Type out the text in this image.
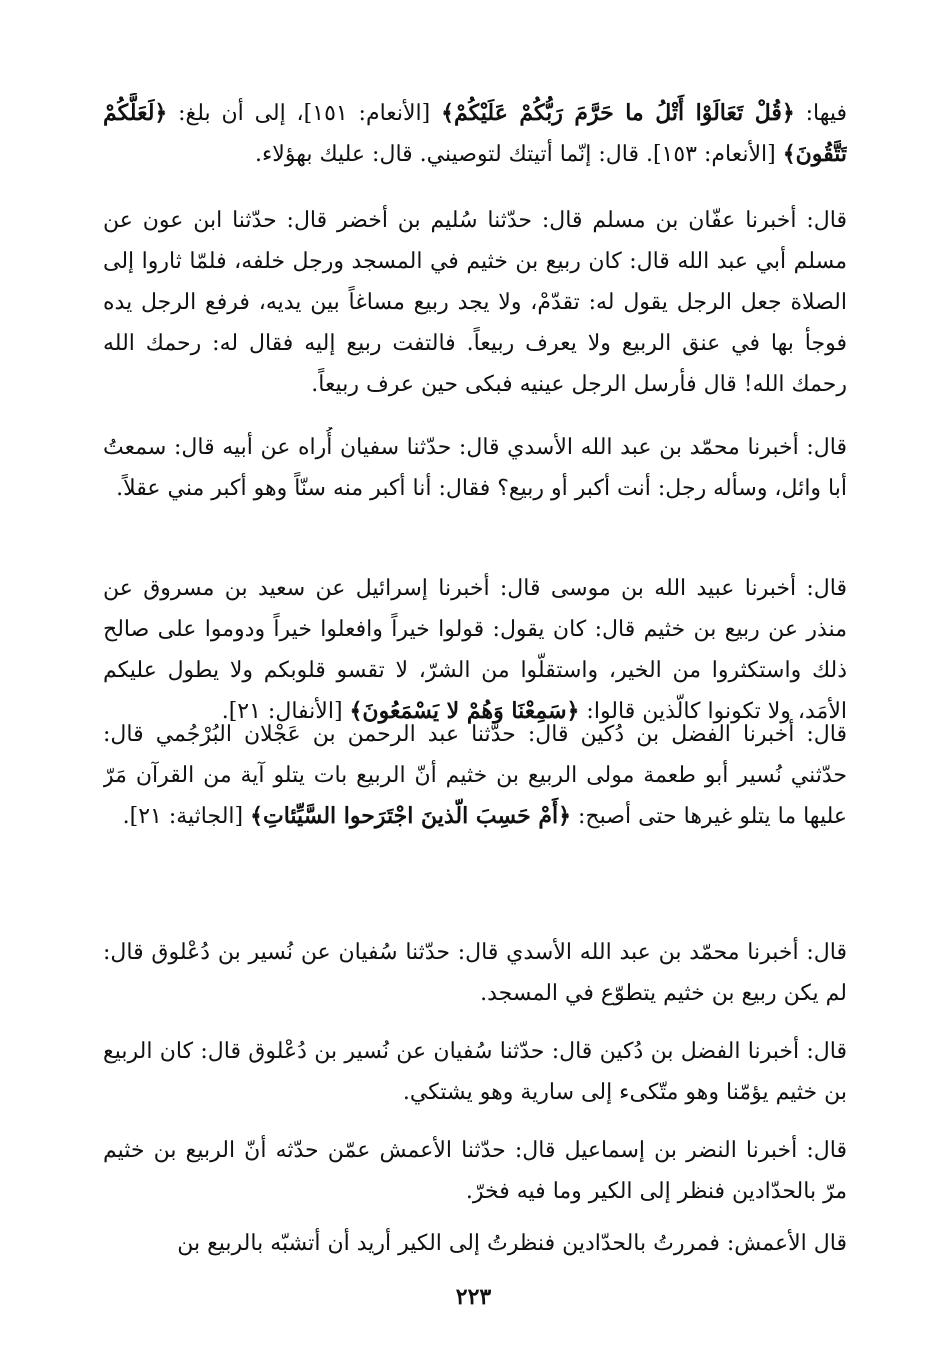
فيها: ﴿قُلْ تَعَالَوْا أَتْلُ ما حَرَّمَ رَبُّكُمْ عَلَيْكُمْ﴾ [الأنعام: ١٥١]، إلى أن بلغ: ﴿لَعَلَّكُمْ تَتَّقُونَ﴾ [الأنعام: ١٥٣]. قال: إنّما أتيتك لتوصيني. قال: عليك بهؤلاء.

قال: أخبرنا عفّان بن مسلم قال: حدّثنا سُليم بن أخضر قال: حدّثنا ابن عون عن مسلم أبي عبد الله قال: كان ربيع بن خثيم في المسجد ورجل خلفه، فلمّا ثاروا إلى الصلاة جعل الرجل يقول له: تقدّمْ، ولا يجد ربيع مساغاً بين يديه، فرفع الرجل يده فوجأ بها في عنق الربيع ولا يعرف ربيعاً. فالتفت ربيع إليه فقال له: رحمك الله رحمك الله! قال فأرسل الرجل عينيه فبكى حين عرف ربيعاً.

قال: أخبرنا محمّد بن عبد الله الأسدي قال: حدّثنا سفيان أُراه عن أبيه قال: سمعتُ أبا وائل، وسأله رجل: أنت أكبر أو ربيع؟ فقال: أنا أكبر منه سنّاً وهو أكبر مني عقلاً.

قال: أخبرنا عبيد الله بن موسى قال: أخبرنا إسرائيل عن سعيد بن مسروق عن منذر عن ربيع بن خثيم قال: كان يقول: قولوا خيراً وافعلوا خيراً ودوموا على صالح ذلك واستكثروا من الخير، واستقلّوا من الشرّ، لا تقسو قلوبكم ولا يطول عليكم الأمَد، ولا تكونوا كالّذين قالوا: ﴿سَمِعْنَا وَهُمْ لا يَسْمَعُونَ﴾ [الأنفال: ٢١].

قال: أخبرنا الفضل بن دُكين قال: حدّثنا عبد الرحمن بن عَجْلان البُرْجُمي قال: حدّثني نُسير أبو طعمة مولى الربيع بن خثيم أنّ الربيع بات يتلو آية من القرآن مَرّ عليها ما يتلو غيرها حتى أصبح: ﴿أَمْ حَسِبَ الّذينَ اجْتَرَحوا السَّيِّئاتِ﴾ [الجاثية: ٢١].

قال: أخبرنا محمّد بن عبد الله الأسدي قال: حدّثنا سُفيان عن نُسير بن دُعْلوق قال: لم يكن ربيع بن خثيم يتطوّع في المسجد.

قال: أخبرنا الفضل بن دُكين قال: حدّثنا سُفيان عن نُسير بن دُعْلوق قال: كان الربيع بن خثيم يؤمّنا وهو متّكىء إلى سارية وهو يشتكي.

قال: أخبرنا النضر بن إسماعيل قال: حدّثنا الأعمش عمّن حدّثه أنّ الربيع بن خثيم مرّ بالحدّادين فنظر إلى الكير وما فيه فخرّ.

قال الأعمش: فمررتُ بالحدّادين فنظرتُ إلى الكير أريد أن أتشبّه بالربيع بن

٢٢٣
